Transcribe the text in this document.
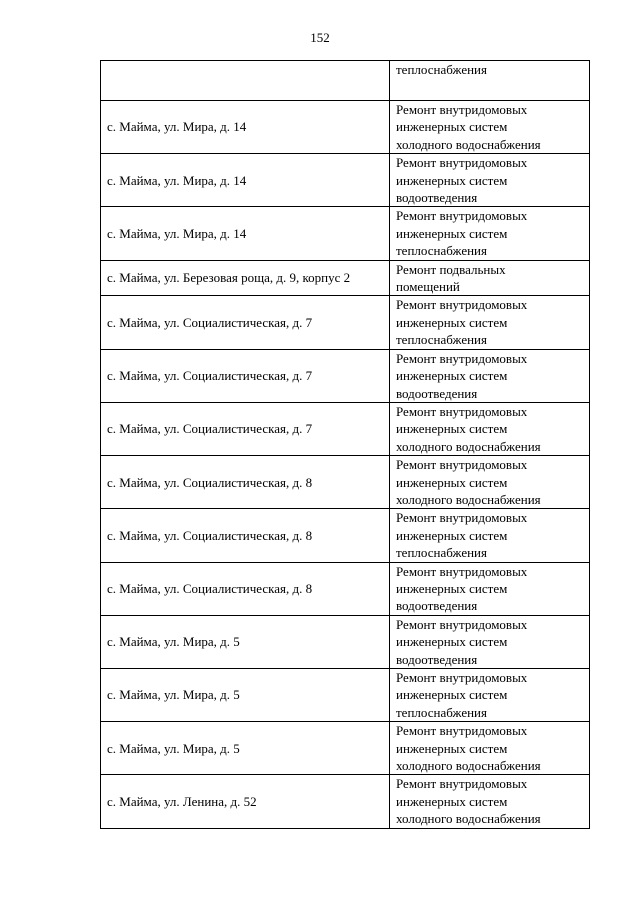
152

	теплоснабжения

с. Майма, ул. Мира, д. 14	Ремонт внутридомовых
инженерных систем
холодного водоснабжения

с. Майма, ул. Мира, д. 14	Ремонт внутридомовых
инженерных систем
водоотведения

с. Майма, ул. Мира, д. 14	Ремонт внутридомовых
инженерных систем
теплоснабжения

с. Майма, ул. Березовая роща, д. 9, корпус 2	Ремонт подвальных
помещений

с. Майма, ул. Социалистическая, д. 7	Ремонт внутридомовых
инженерных систем
теплоснабжения

с. Майма, ул. Социалистическая, д. 7	Ремонт внутридомовых
инженерных систем
водоотведения

с. Майма, ул. Социалистическая, д. 7	Ремонт внутридомовых
инженерных систем
холодного водоснабжения

с. Майма, ул. Социалистическая, д. 8	Ремонт внутридомовых
инженерных систем
холодного водоснабжения

с. Майма, ул. Социалистическая, д. 8	Ремонт внутридомовых
инженерных систем
теплоснабжения

с. Майма, ул. Социалистическая, д. 8	Ремонт внутридомовых
инженерных систем
водоотведения

с. Майма, ул. Мира, д. 5	Ремонт внутридомовых
инженерных систем
водоотведения

с. Майма, ул. Мира, д. 5	Ремонт внутридомовых
инженерных систем
теплоснабжения

с. Майма, ул. Мира, д. 5	Ремонт внутридомовых
инженерных систем
холодного водоснабжения

с. Майма, ул. Ленина, д. 52	Ремонт внутридомовых
инженерных систем
холодного водоснабжения
